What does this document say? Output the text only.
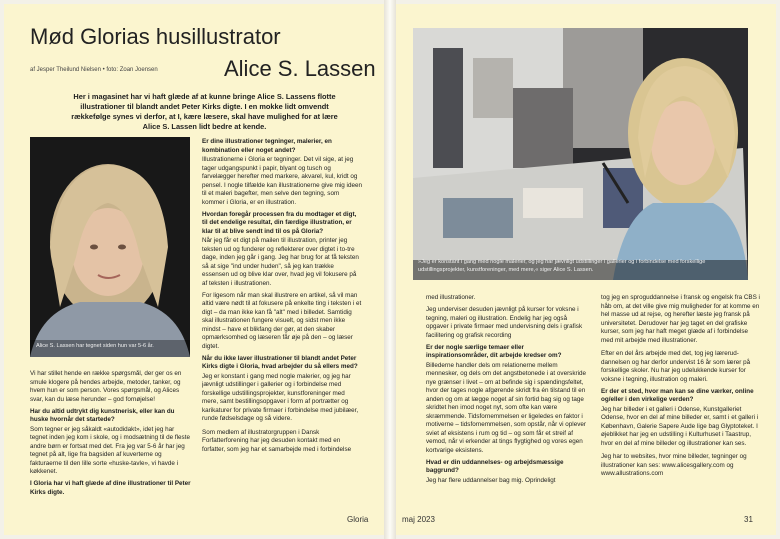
Mød Glorias husillustrator
af Jesper Theilund Nielsen • foto: Zoan Joensen	Alice S. Lassen
Her i magasinet har vi haft glæde af at kunne bringe Alice S. Lassens flotte illustrationer til blandt andet Peter Kirks digte. I en mokke lidt omvendt rækkefølge synes vi derfor, at I, kære læsere, skal have mulighed for at lære Alice S. Lassen lidt bedre at kende.
Alice S. Lassen har tegnet siden hun var 5-6 år.

Vi har stillet hende en række spørgsmål, der ger os en smule klogere på hendes arbejde, metoder, tanker, og hvem hun er som person. Vores spørgsmål, og Alices svar, kan du læse herunder – god fornøjelse!

Har du altid udtrykt dig kunstnerisk, eller kan du huske hvornår det startede?

Som tegner er jeg såkaldt «autodidakt», idet jeg har tegnet inden jeg kom i skole, og i modsætning til de fleste andre børn er fortsat med det. Fra jeg var 5-6 år har jeg tegnet på alt, lige fra bagsiden af kuverterne og fakturaerne til den lille sorte «huske-tavle», vi havde i køkkenet.

I Gloria har vi haft glæde af dine illustrationer til Peter Kirks digte.

Er dine illustrationer tegninger, malerier, en kombination eller noget andet?

Illustrationerne i Gloria er tegninger. Det vil sige, at jeg tager udgangspunkt i papir, blyant og tusch og farvelægger herefter med markere, akvarel, kul, kridt og pensel. I nogle tilfælde kan illustrationerne give mig ideen til et maleri bagefter, men selve den tegning, som kommer i Gloria, er en illustration.

Hvordan foregår processen fra du modtager et digt, til det endelige resultat, din færdige illustration, er klar til at blive sendt ind til os på Gloria?

Når jeg får et digt på mailen til illustration, printer jeg teksten ud og funderer og reflekterer over digtet i to-tre dage, inden jeg går i gang. Jeg har brug for at få teksten så at sige "ind under huden", så jeg kan trække essensen ud og blive klar over, hvad jeg vil fokusere på af teksten i illustrationen.

For ligesom når man skal illustrere en artikel, så vil man altid være nødt til at fokusere på enkelte ting i teksten i et digt – da man ikke kan få "alt" med i billedet. Samtidig skal illustrationen fungere visuelt, og sidst men ikke mindst – have et blikfang der gør, at den skaber opmærksomhed og læseren får øje på den – og læser digtet.

Når du ikke laver illustrationer til blandt andet Peter Kirks digte i Gloria, hvad arbejder du så ellers med?

Jeg er konstant i gang med nogle malerier, og jeg har jævnligt udstillinger i gallerier og i forbindelse med forskellige udstillingsprojekter, kunstforeninger med mere, samt bestillingsopgaver i form af portrætter og karikaturer for private firmaer i forbindelse med jubilæer, runde fødselsdage og så videre.

Som medlem af illustratorgruppen i Dansk Forfatterforening har jeg desuden kontakt med en forfatter, som jeg har et samarbejde med i forbindelse

Gloria
»Jeg er konstant i gang med nogle malerier, og jeg har jævnligt udstillinger i gallerier og i forbindelse med forskellige udstillingsprojekter, kunstforeninger, med mere,« siger Alice S. Lassen.

med illustrationer.

Jeg underviser desuden jævnligt på kurser for voksne i tegning, maleri og illustration. Endelig har jeg også opgaver i private firmaer med undervisning dels i grafisk facilitering og grafisk recording

Er der nogle særlige temaer eller inspirationsområder, dit arbejde kredser om?

Billederne handler dels om relationerne mellem mennesker, og dels om det angstbetonede i at overskride nye grænser i livet – om at befinde sig i spændingsfeltet, hvor der tages nogle afgørende skridt fra én tilstand til en anden og om at lægge noget af sin fortid bag sig og tage skridtet hen imod noget nyt, som ofte kan være skræmmende. Tidsfornemmelsen er ligeledes en faktor i motiverne – tidsfornemmelsen, som opstår, når vi oplever sviet af eksistens i rum og tid – og som får et streif af vemod, når vi erkender at tings flygtighed og vores egen kortvarige eksistens.

Hvad er din uddannelses- og arbejdsmæssige baggrund?

Jeg har flere uddannelser bag mig. Oprindeligt

tog jeg en sproguddannelse i fransk og engelsk fra CBS i håb om, at det ville give mig muligheder for at komme en hel masse ud at rejse, og herefter læste jeg fransk på universitetet. Derudover har jeg taget en del grafiske kurser, som jeg har haft meget glæde af i forbindelse med mit arbejde med illustrationer.

Efter en del års arbejde med det, tog jeg lærerud-dannelsen og har derfor undervist 16 år som lærer på forskellige skoler. Nu har jeg udelukkende kurser for voksne i tegning, illustration og maleri.

Er der et sted, hvor man kan se dine værker, online og/eller i den virkelige verden?

Jeg har billeder i et galleri i Odense, Kunstgalleriet Odense, hvor en del af mine billeder er, samt i et galleri i København, Galerie Sapere Aude lige bag Glyptoteket. I øjeblikket har jeg en udstilling i Kulturhuset i Taastrup, hvor en del af mine billeder og illustrationer kan ses.

Jeg har to websites, hvor mine billeder, tegninger og illustrationer kan ses: www.alicesgallery.com og www.allustrations.com

maj 2023	31
